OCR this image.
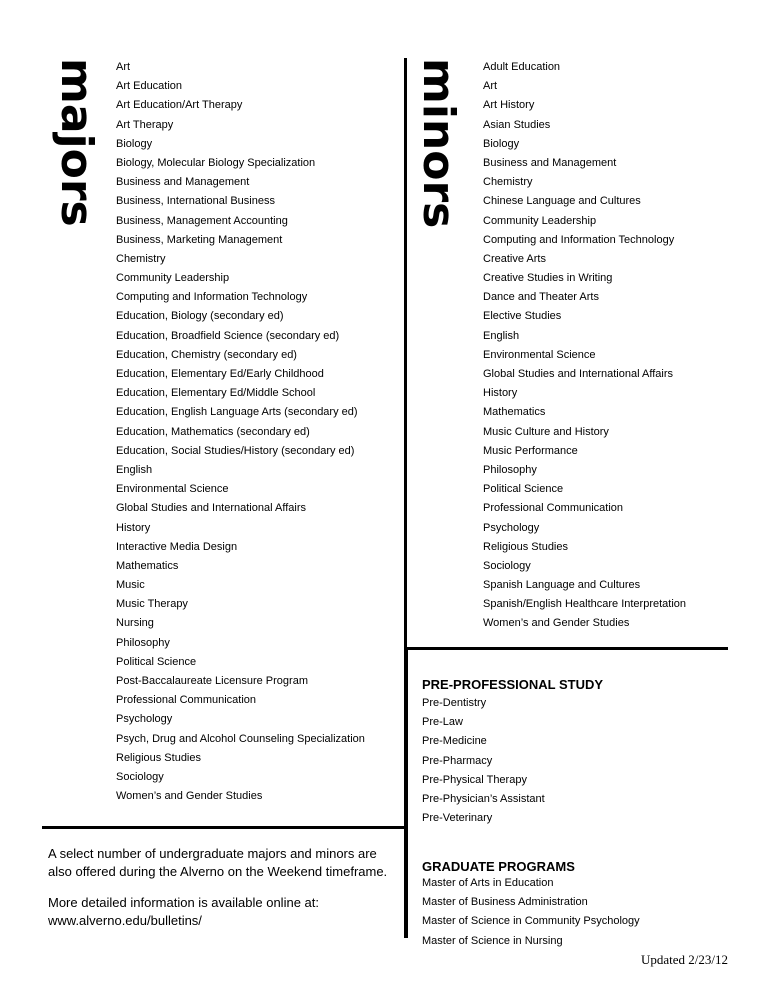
majors	minors
Art
Art Education
Art Education/Art Therapy
Art Therapy
Biology
Biology, Molecular Biology Specialization
Business and Management
Business, International Business
Business, Management Accounting
Business, Marketing Management
Chemistry
Community Leadership
Computing and Information Technology
Education, Biology (secondary ed)
Education, Broadfield Science (secondary ed)
Education, Chemistry (secondary ed)
Education, Elementary Ed/Early Childhood
Education, Elementary Ed/Middle School
Education, English Language Arts (secondary ed)
Education, Mathematics (secondary ed)
Education, Social Studies/History (secondary ed)
English
Environmental Science
Global Studies and International Affairs
History
Interactive Media Design
Mathematics
Music
Music Therapy
Nursing
Philosophy
Political Science
Post-Baccalaureate Licensure Program
Professional Communication
Psychology
Psych, Drug and Alcohol Counseling Specialization
Religious Studies
Sociology
Women’s and Gender Studies
Adult Education
Art
Art History
Asian Studies
Biology
Business and Management
Chemistry
Chinese Language and Cultures
Community Leadership
Computing and Information Technology
Creative Arts
Creative Studies in Writing
Dance and Theater Arts
Elective Studies
English
Environmental Science
Global Studies and International Affairs
History
Mathematics
Music Culture and History
Music Performance
Philosophy
Political Science
Professional Communication
Psychology
Religious Studies
Sociology
Spanish Language and Cultures
Spanish/English Healthcare Interpretation
Women’s and Gender Studies
PRE-PROFESSIONAL STUDY
Pre-Dentistry
Pre-Law
Pre-Medicine
Pre-Pharmacy
Pre-Physical Therapy
Pre-Physician’s Assistant
Pre-Veterinary
GRADUATE PROGRAMS
Master of Arts in Education
Master of Business Administration
Master of Science in Community Psychology
Master of Science in Nursing

A select number of undergraduate majors and minors are also offered during the Alverno on the Weekend timeframe.

More detailed information is available online at: www.alverno.edu/bulletins/

Updated 2/23/12
